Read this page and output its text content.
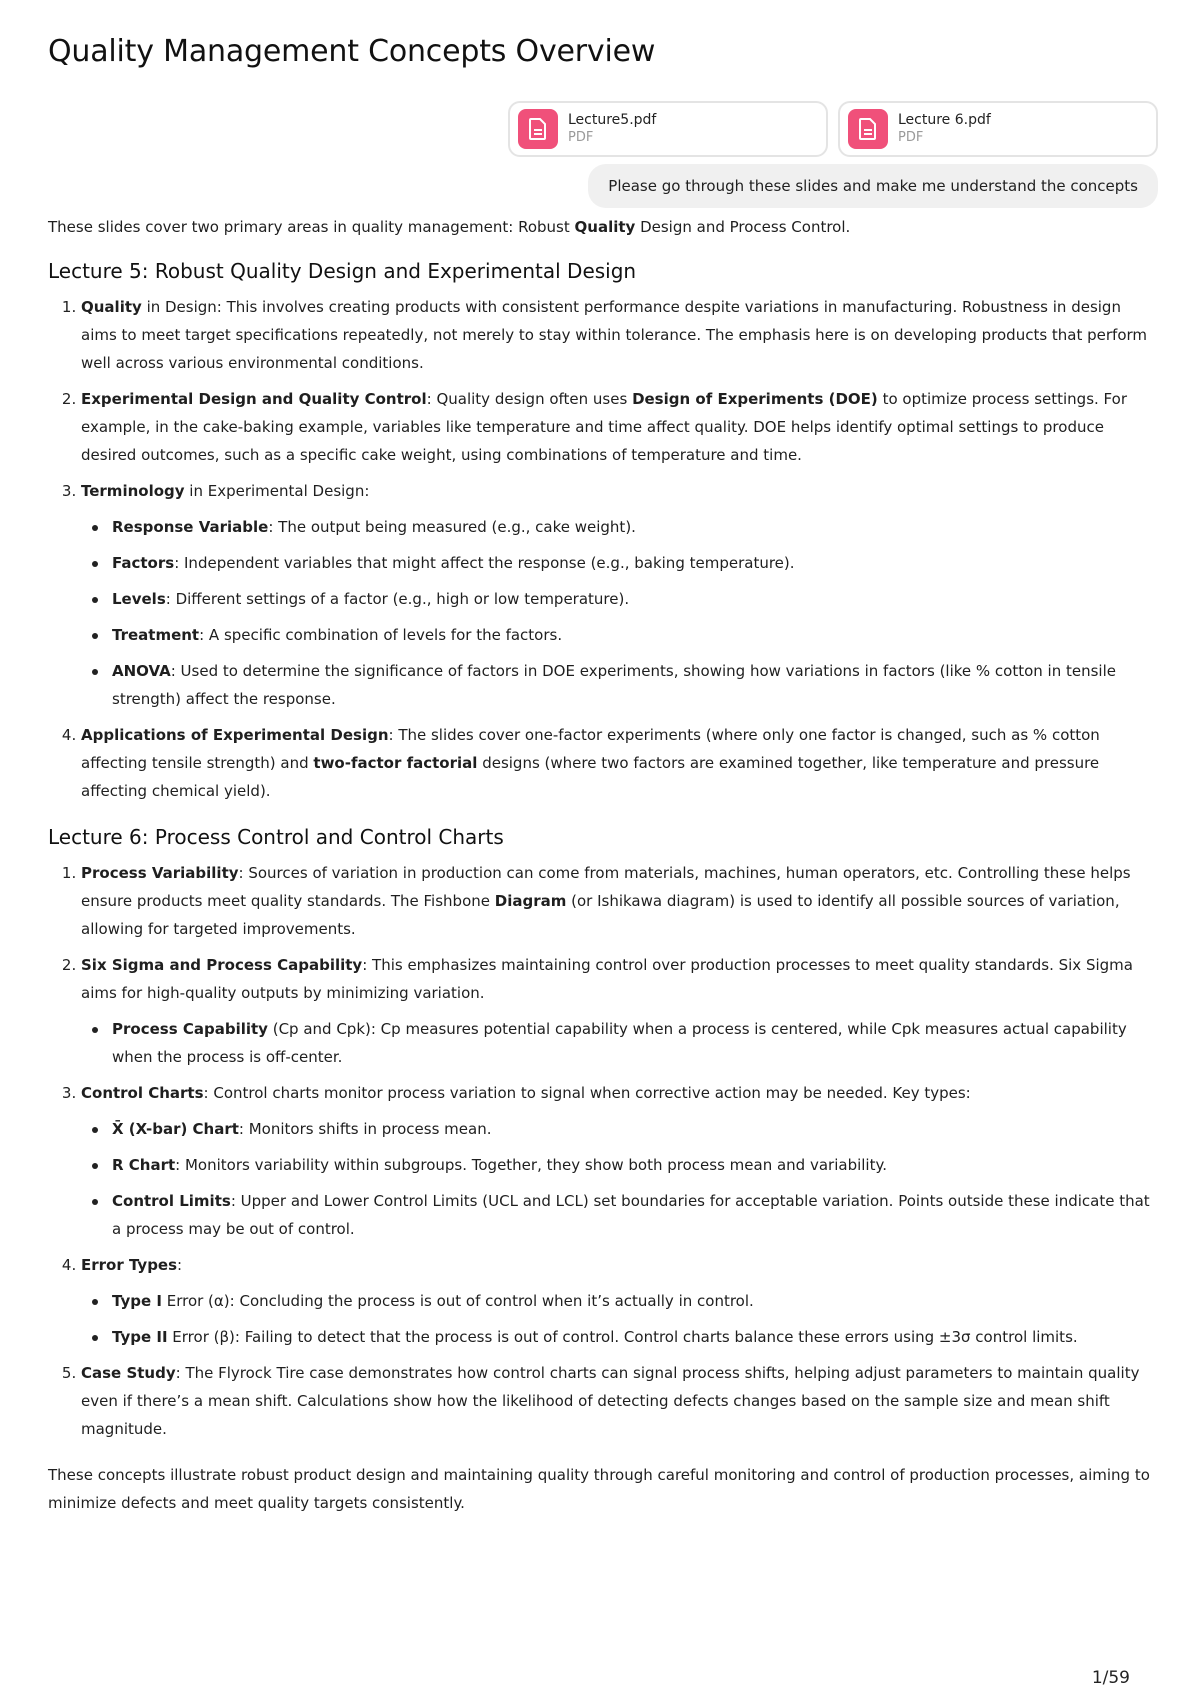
Quality Management Concepts Overview
Lecture5.pdf
PDF
Lecture 6.pdf
PDF
Please go through these slides and make me understand the concepts

These slides cover two primary areas in quality management: Robust Quality Design and Process Control.

Lecture 5: Robust Quality Design and Experimental Design
1. Quality in Design: This involves creating products with consistent performance despite variations in manufacturing. Robustness in design aims to meet target specifications repeatedly, not merely to stay within tolerance. The emphasis here is on developing products that perform well across various environmental conditions.
2. Experimental Design and Quality Control: Quality design often uses Design of Experiments (DOE) to optimize process settings. For example, in the cake-baking example, variables like temperature and time affect quality. DOE helps identify optimal settings to produce desired outcomes, such as a specific cake weight, using combinations of temperature and time.
3. Terminology in Experimental Design:
Response Variable: The output being measured (e.g., cake weight).
Factors: Independent variables that might affect the response (e.g., baking temperature).
Levels: Different settings of a factor (e.g., high or low temperature).
Treatment: A specific combination of levels for the factors.
ANOVA: Used to determine the significance of factors in DOE experiments, showing how variations in factors (like % cotton in tensile strength) affect the response.
4. Applications of Experimental Design: The slides cover one-factor experiments (where only one factor is changed, such as % cotton affecting tensile strength) and two-factor factorial designs (where two factors are examined together, like temperature and pressure affecting chemical yield).
Lecture 6: Process Control and Control Charts
1. Process Variability: Sources of variation in production can come from materials, machines, human operators, etc. Controlling these helps ensure products meet quality standards. The Fishbone Diagram (or Ishikawa diagram) is used to identify all possible sources of variation, allowing for targeted improvements.
2. Six Sigma and Process Capability: This emphasizes maintaining control over production processes to meet quality standards. Six Sigma aims for high-quality outputs by minimizing variation.
Process Capability (Cp and Cpk): Cp measures potential capability when a process is centered, while Cpk measures actual capability when the process is off-center.
3. Control Charts: Control charts monitor process variation to signal when corrective action may be needed. Key types:
X̄ (X-bar) Chart: Monitors shifts in process mean.
R Chart: Monitors variability within subgroups. Together, they show both process mean and variability.
Control Limits: Upper and Lower Control Limits (UCL and LCL) set boundaries for acceptable variation. Points outside these indicate that a process may be out of control.
4. Error Types:
Type I Error (α): Concluding the process is out of control when it’s actually in control.
Type II Error (β): Failing to detect that the process is out of control. Control charts balance these errors using ±3σ control limits.
5. Case Study: The Flyrock Tire case demonstrates how control charts can signal process shifts, helping adjust parameters to maintain quality even if there’s a mean shift. Calculations show how the likelihood of detecting defects changes based on the sample size and mean shift magnitude.

These concepts illustrate robust product design and maintaining quality through careful monitoring and control of production processes, aiming to minimize defects and meet quality targets consistently.

1/59
